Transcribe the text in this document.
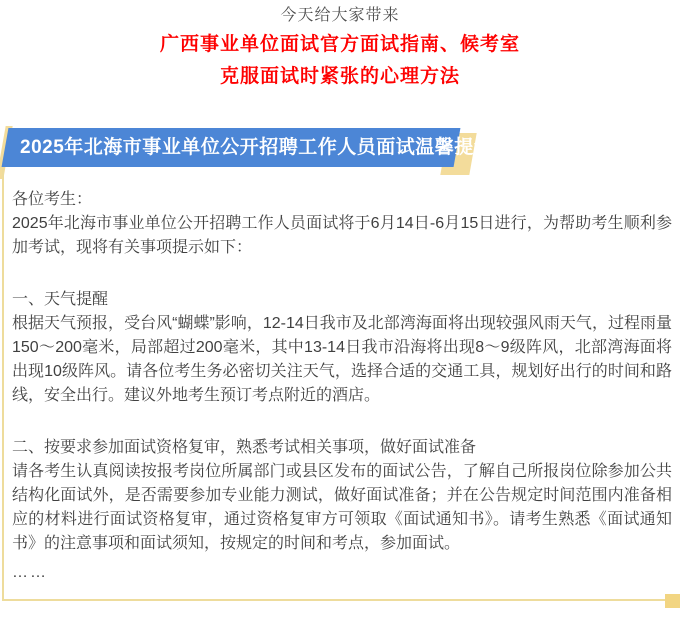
今天给大家带来
广西事业单位面试官方面试指南、候考室
克服面试时紧张的心理方法
2025年北海市事业单位公开招聘工作人员面试温馨提示

各位考生：

2025年北海市事业单位公开招聘工作人员面试将于6月14日-6月15日进行，为帮助考生顺利参加考试，现将有关事项提示如下：

一、天气提醒

根据天气预报，受台风“蝴蝶”影响，12-14日我市及北部湾海面将出现较强风雨天气，过程雨量150～200毫米，局部超过200毫米，其中13-14日我市沿海将出现8～9级阵风，北部湾海面将出现10级阵风。请各位考生务必密切关注天气，选择合适的交通工具，规划好出行的时间和路线，安全出行。建议外地考生预订考点附近的酒店。

二、按要求参加面试资格复审，熟悉考试相关事项，做好面试准备

请各考生认真阅读按报考岗位所属部门或县区发布的面试公告，了解自己所报岗位除参加公共结构化面试外，是否需要参加专业能力测试，做好面试准备；并在公告规定时间范围内准备相应的材料进行面试资格复审，通过资格复审方可领取《面试通知书》。请考生熟悉《面试通知书》的注意事项和面试须知，按规定的时间和考点，参加面试。

……
